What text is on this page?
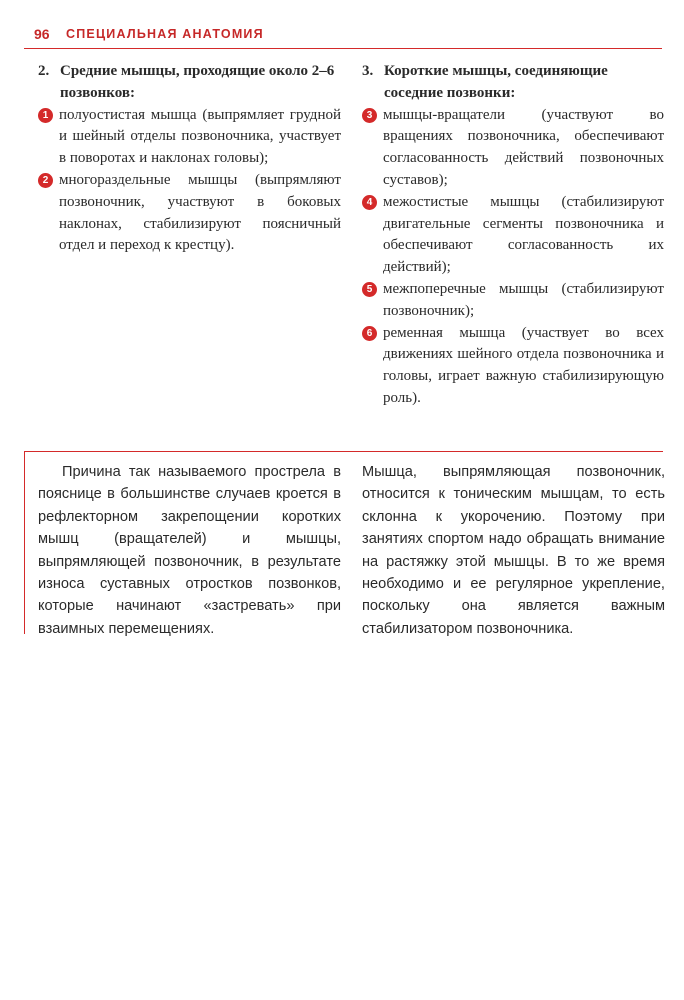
96 СПЕЦИАЛЬНАЯ АНАТОМИЯ
2. Средние мышцы, проходящие около 2–6 позвонков:
1 полуостистая мышца (выпрямляет грудной и шейный отделы позвоночника, участвует в поворотах и наклонах головы);
2 многораздельные мышцы (выпрямляют позвоночник, участвуют в боковых наклонах, стабилизируют поясничный отдел и переход к крестцу).
3. Короткие мышцы, соединяющие соседние позвонки:
3 мышцы-вращатели (участвуют во вращениях позвоночника, обеспечивают согласованность действий позвоночных суставов);
4 межостистые мышцы (стабилизируют двигательные сегменты позвоночника и обеспечивают согласованность их действий);
5 межпоперечные мышцы (стабилизируют позвоночник);
6 ременная мышца (участвует во всех движениях шейного отдела позвоночника и головы, играет важную стабилизирующую роль).
Причина так называемого прострела в пояснице в большинстве случаев кроется в рефлекторном закрепощении коротких мышц (вращателей) и мышцы, выпрямляющей позвоночник, в результате износа суставных отростков позвонков, которые начинают «застревать» при взаимных перемещениях.
Мышца, выпрямляющая позвоночник, относится к тоническим мышцам, то есть склонна к укорочению. Поэтому при занятиях спортом надо обращать внимание на растяжку этой мышцы. В то же время необходимо и ее регулярное укрепление, поскольку она является важным стабилизатором позвоночника.
